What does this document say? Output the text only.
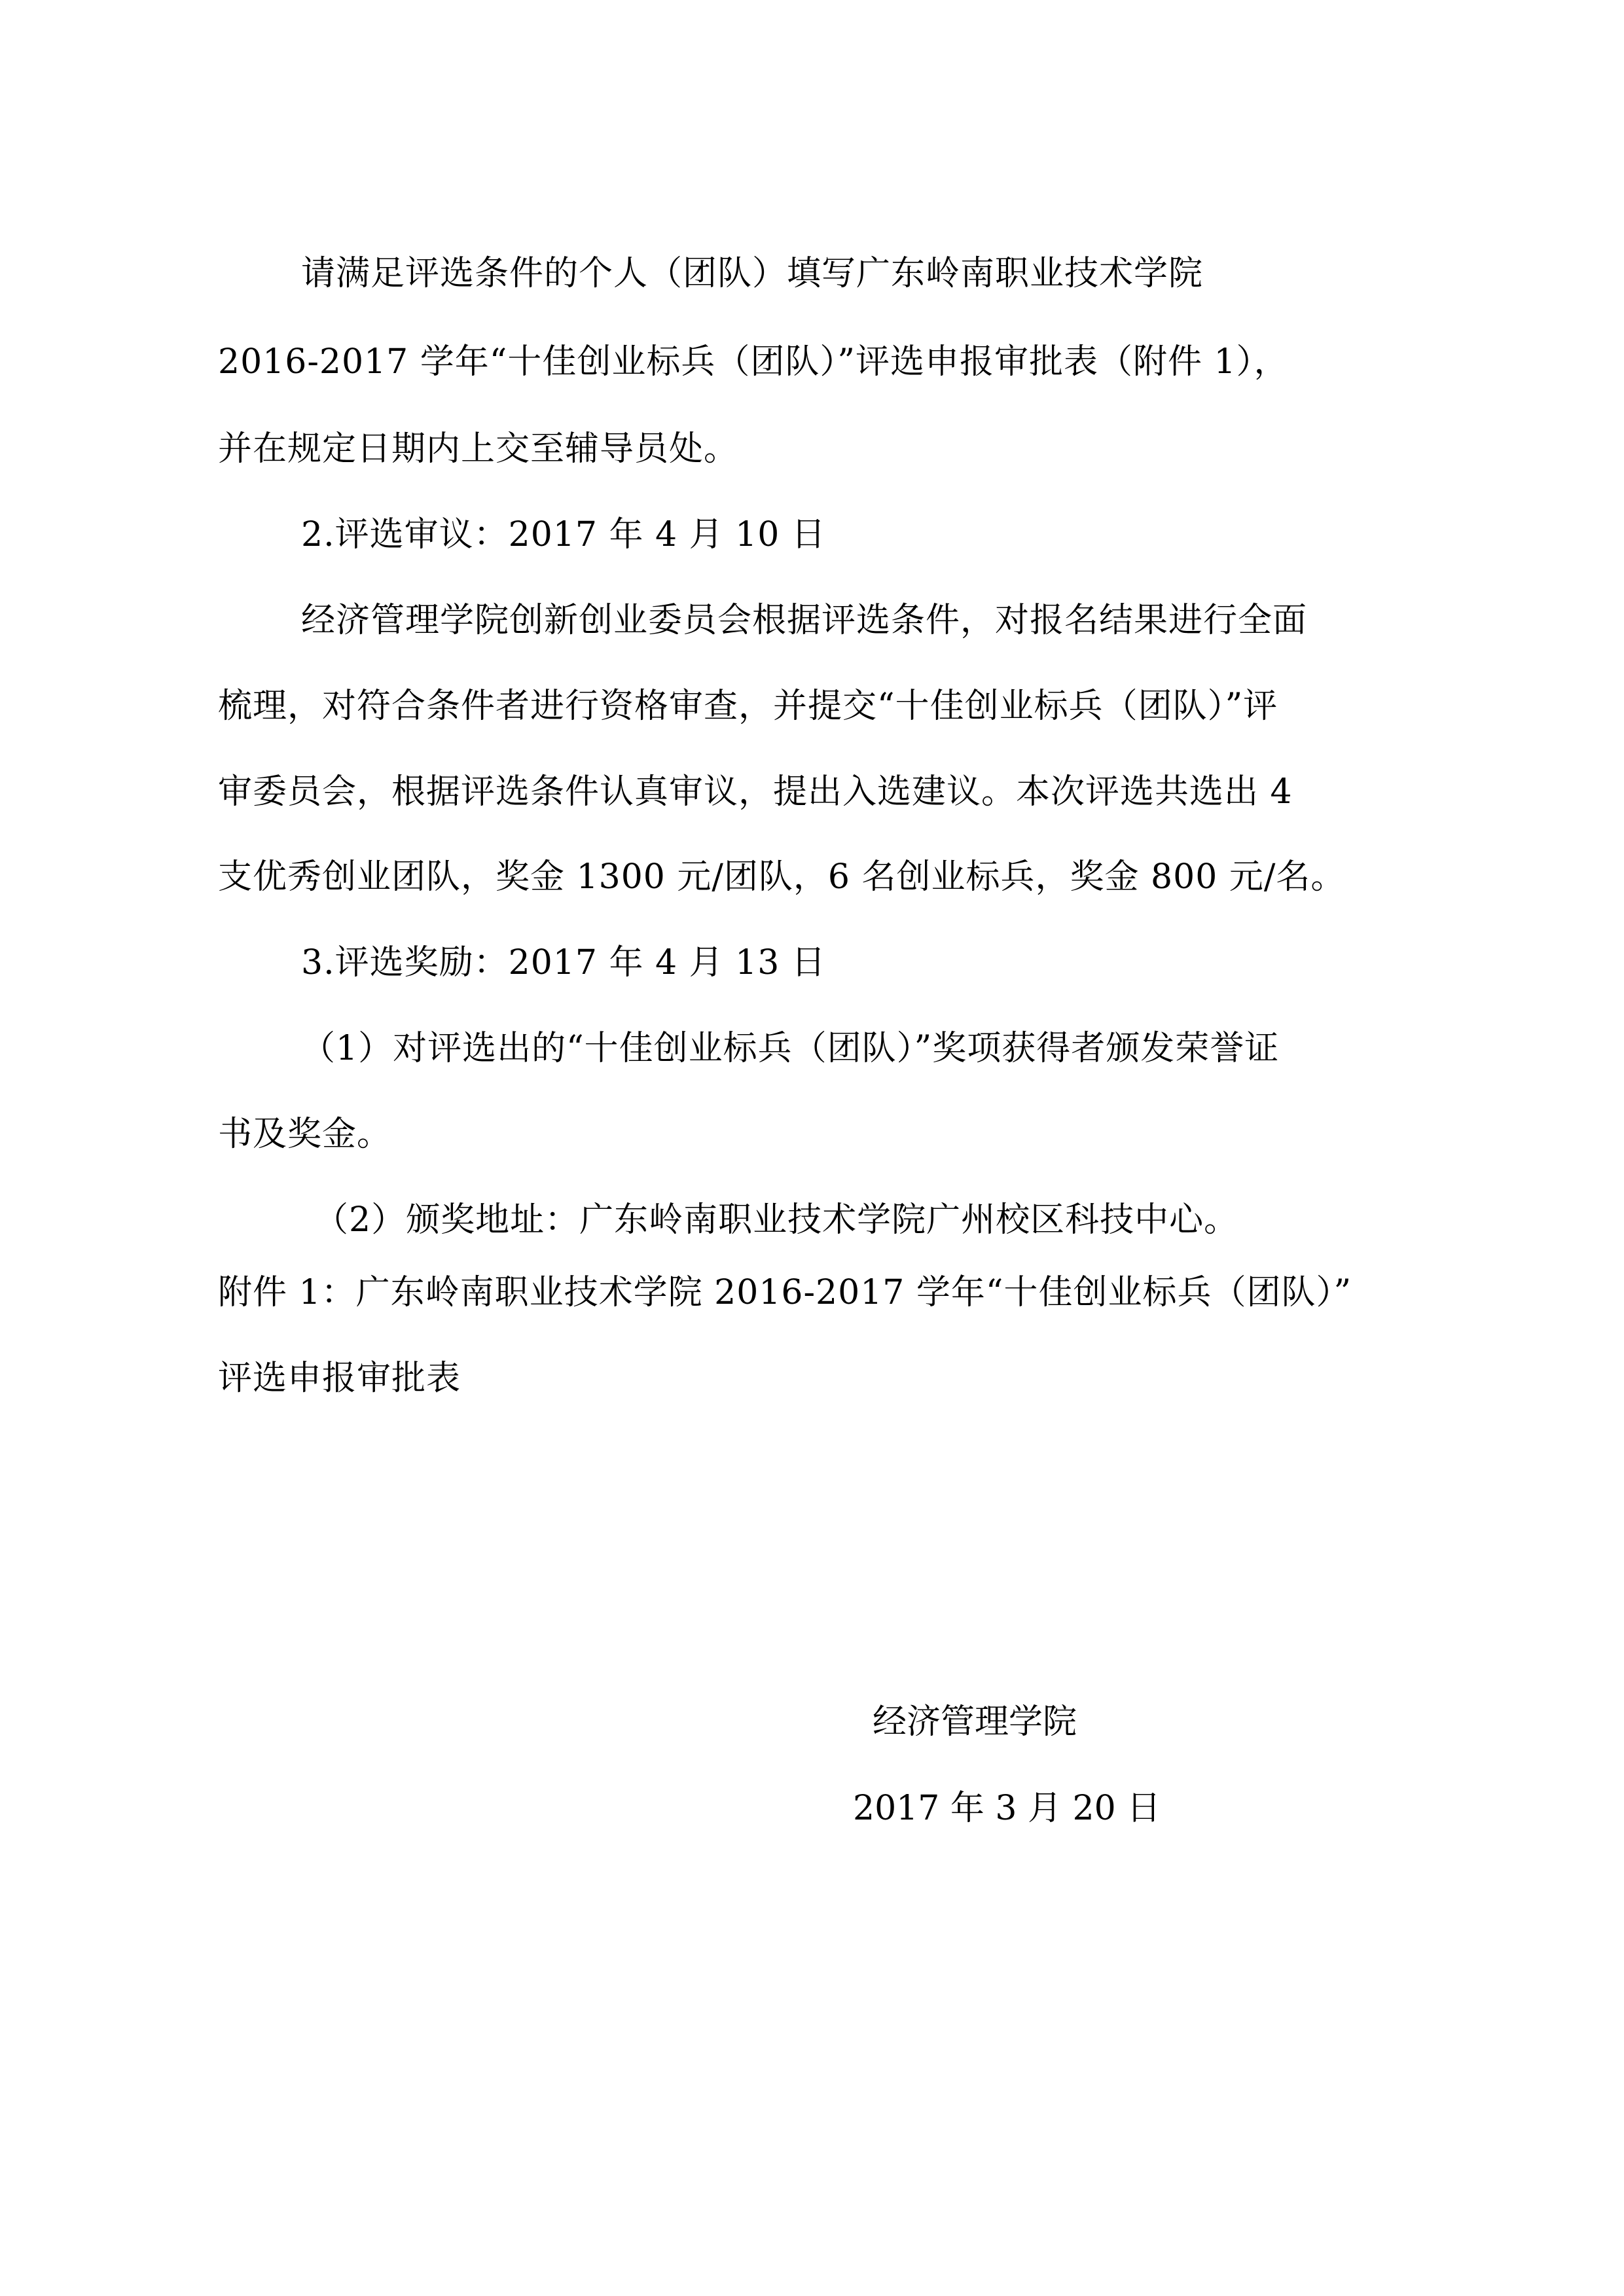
请满足评选条件的个人（团队）填写广东岭南职业技术学院
2016-2017 学年“十佳创业标兵（团队）”评选申报审批表（附件 1），
并在规定日期内上交至辅导员处。
2.评选审议：2017 年 4 月 10 日
经济管理学院创新创业委员会根据评选条件，对报名结果进行全面
梳理，对符合条件者进行资格审查，并提交“十佳创业标兵（团队）”评
审委员会，根据评选条件认真审议，提出入选建议。本次评选共选出 4
支优秀创业团队，奖金 1300 元/团队，6 名创业标兵，奖金 800 元/名。
3.评选奖励：2017 年 4 月 13 日
（1）对评选出的“十佳创业标兵（团队）”奖项获得者颁发荣誉证
书及奖金。
（2）颁奖地址：广东岭南职业技术学院广州校区科技中心。
附件 1：广东岭南职业技术学院 2016-2017 学年“十佳创业标兵（团队）”
评选申报审批表
经济管理学院
2017 年 3 月 20 日
